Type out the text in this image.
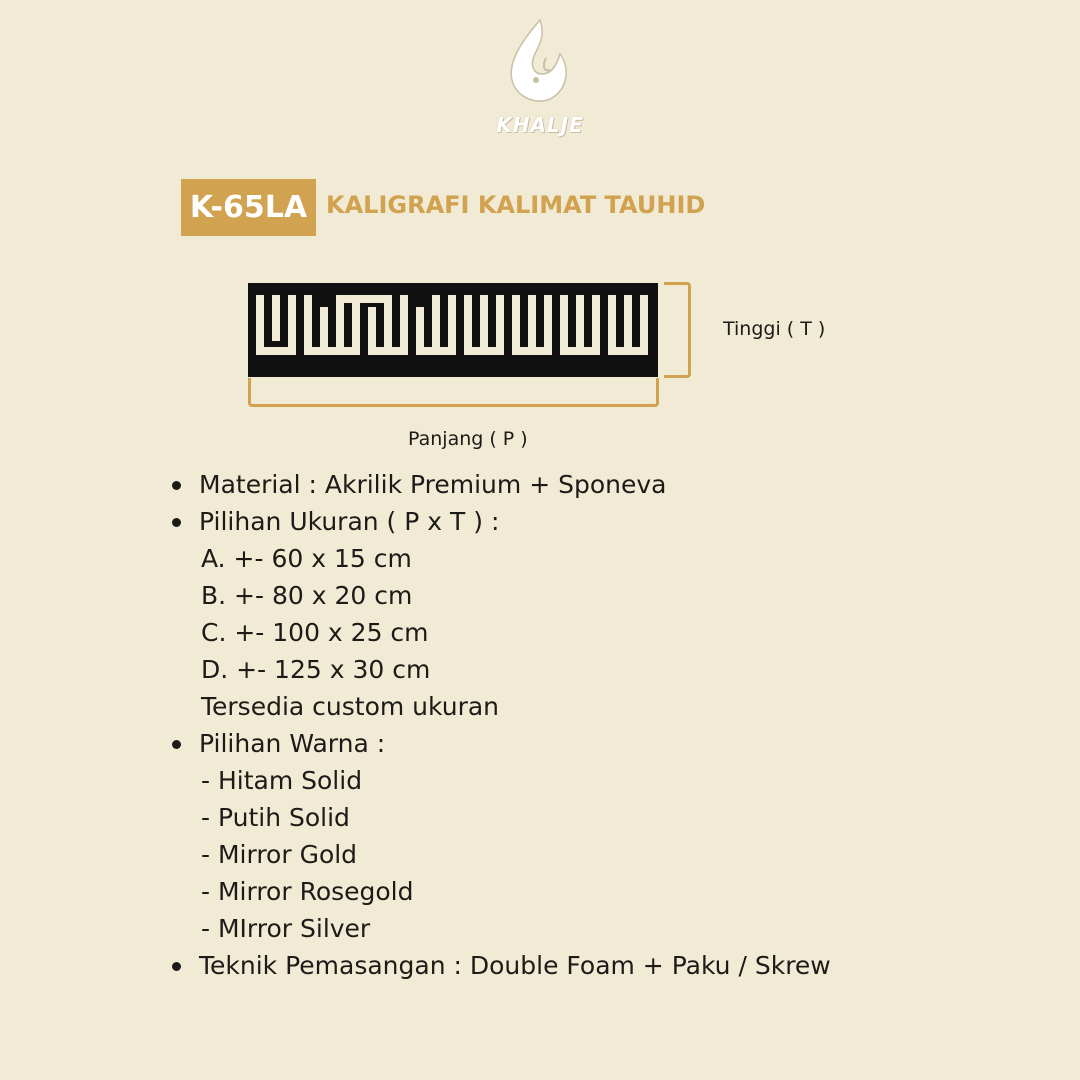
KHALJE
K-65LA KALIGRAFI KALIMAT TAUHID
Tinggi ( T )
Panjang ( P )
Material : Akrilik Premium + Sponeva
Pilihan Ukuran ( P x T ) :
A. +- 60 x 15 cm
B. +- 80 x 20 cm
C. +- 100 x 25 cm
D. +- 125 x 30 cm
Tersedia custom ukuran
Pilihan Warna :
- Hitam Solid
- Putih Solid
- Mirror Gold
- Mirror Rosegold
- MIrror Silver
Teknik Pemasangan : Double Foam + Paku / Skrew
